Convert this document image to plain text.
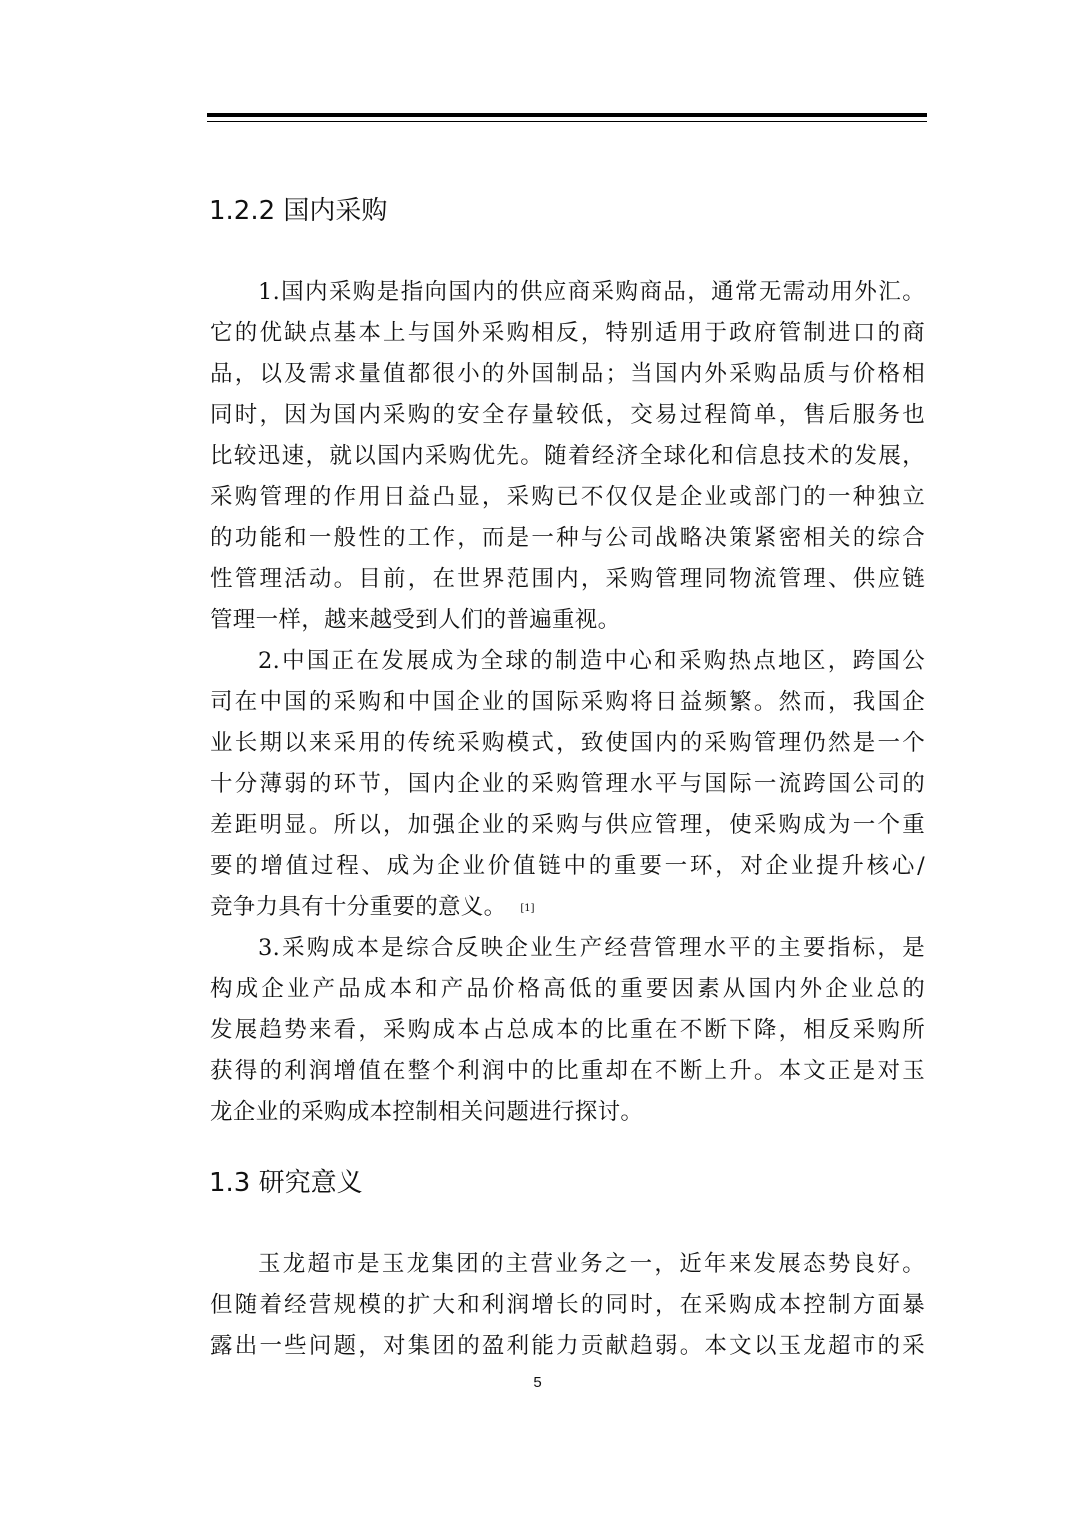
1.2.2 国内采购
1.国内采购是指向国内的供应商采购商品，通常无需动用外汇。
它的优缺点基本上与国外采购相反，特别适用于政府管制进口的商
品，以及需求量值都很小的外国制品；当国内外采购品质与价格相
同时，因为国内采购的安全存量较低，交易过程简单，售后服务也
比较迅速，就以国内采购优先。随着经济全球化和信息技术的发展，
采购管理的作用日益凸显，采购已不仅仅是企业或部门的一种独立
的功能和一般性的工作，而是一种与公司战略决策紧密相关的综合
性管理活动。目前，在世界范围内，采购管理同物流管理、供应链
管理一样，越来越受到人们的普遍重视。
2.中国正在发展成为全球的制造中心和采购热点地区，跨国公
司在中国的采购和中国企业的国际采购将日益频繁。然而，我国企
业长期以来采用的传统采购模式，致使国内的采购管理仍然是一个
十分薄弱的环节，国内企业的采购管理水平与国际一流跨国公司的
差距明显。所以，加强企业的采购与供应管理，使采购成为一个重
要的增值过程、成为企业价值链中的重要一环，对企业提升核心/
竞争力具有十分重要的意义。 [1]
3.采购成本是综合反映企业生产经营管理水平的主要指标，是
构成企业产品成本和产品价格高低的重要因素从国内外企业总的
发展趋势来看，采购成本占总成本的比重在不断下降，相反采购所
获得的利润增值在整个利润中的比重却在不断上升。本文正是对玉
龙企业的采购成本控制相关问题进行探讨。
1.3 研究意义
玉龙超市是玉龙集团的主营业务之一，近年来发展态势良好。
但随着经营规模的扩大和利润增长的同时，在采购成本控制方面暴
露出一些问题，对集团的盈利能力贡献趋弱。本文以玉龙超市的采
5
